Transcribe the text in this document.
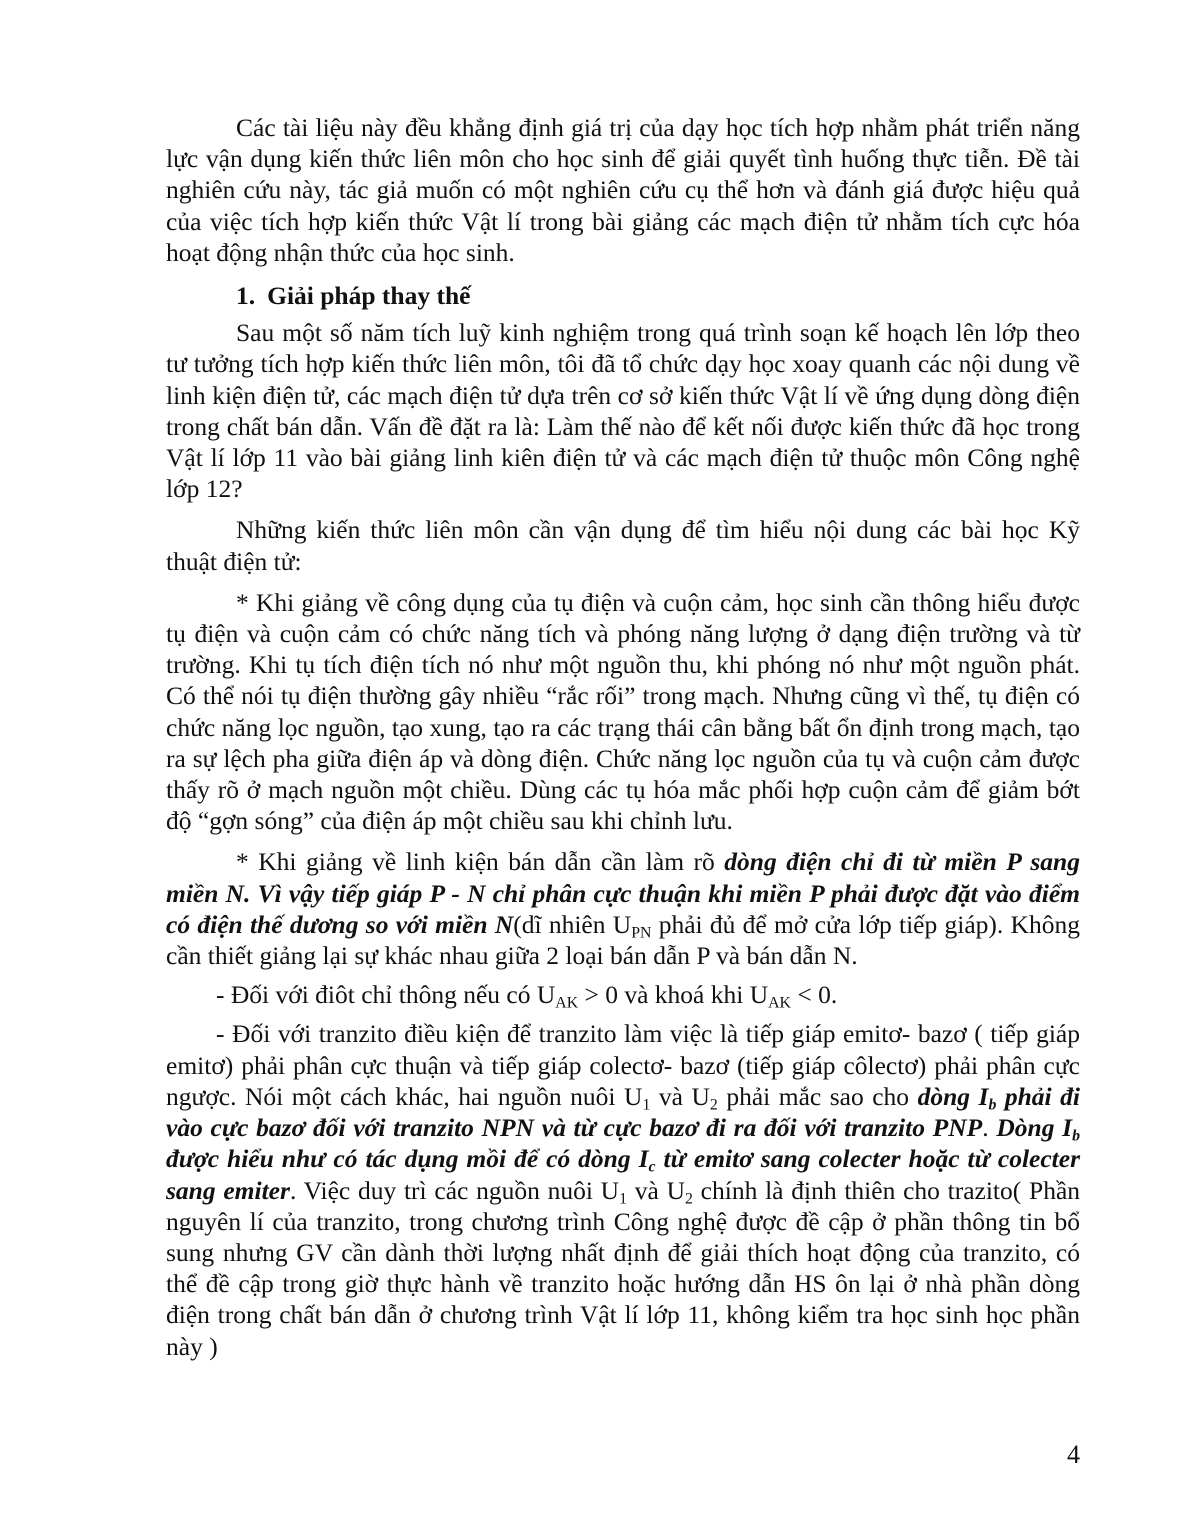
Các tài liệu này đều khẳng định giá trị của dạy học tích hợp nhằm phát triển năng lực vận dụng kiến thức liên môn cho học sinh để giải quyết tình huống thực tiễn. Đề tài nghiên cứu này, tác giả muốn có một nghiên cứu cụ thể hơn và đánh giá được hiệu quả của việc tích hợp kiến thức Vật lí trong bài giảng các mạch điện tử nhằm tích cực hóa hoạt động nhận thức của học sinh.

1. Giải pháp thay thế

Sau một số năm tích luỹ kinh nghiệm trong quá trình soạn kế hoạch lên lớp theo tư tưởng tích hợp kiến thức liên môn, tôi đã tổ chức dạy học xoay quanh các nội dung về linh kiện điện tử, các mạch điện tử dựa trên cơ sở kiến thức Vật lí về ứng dụng dòng điện trong chất bán dẫn. Vấn đề đặt ra là: Làm thế nào để kết nối được kiến thức đã học trong Vật lí lớp 11 vào bài giảng linh kiên điện tử và các mạch điện tử thuộc môn Công nghệ lớp 12?

Những kiến thức liên môn cần vận dụng để tìm hiểu nội dung các bài học Kỹ thuật điện tử:

* Khi giảng về công dụng của tụ điện và cuộn cảm, học sinh cần thông hiểu được tụ điện và cuộn cảm có chức năng tích và phóng năng lượng ở dạng điện trường và từ trường. Khi tụ tích điện tích nó như một nguồn thu, khi phóng nó như một nguồn phát. Có thể nói tụ điện thường gây nhiều “rắc rối” trong mạch. Nhưng cũng vì thế, tụ điện có chức năng lọc nguồn, tạo xung, tạo ra các trạng thái cân bằng bất ổn định trong mạch, tạo ra sự lệch pha giữa điện áp và dòng điện. Chức năng lọc nguồn của tụ và cuộn cảm được thấy rõ ở mạch nguồn một chiều. Dùng các tụ hóa mắc phối hợp cuộn cảm để giảm bớt độ “gợn sóng” của điện áp một chiều sau khi chỉnh lưu.

* Khi giảng về linh kiện bán dẫn cần làm rõ dòng điện chỉ đi từ miền P sang miền N. Vì vậy tiếp giáp P - N chỉ phân cực thuận khi miền P phải được đặt vào điểm có điện thế dương so với miền N(dĩ nhiên $U_{PN}$ phải đủ để mở cửa lớp tiếp giáp). Không cần thiết giảng lại sự khác nhau giữa 2 loại bán dẫn P và bán dẫn N.

- Đối với điôt chỉ thông nếu có $U_{AK} > 0$ và khoá khi $U_{AK} < 0$.

- Đối với tranzito điều kiện để tranzito làm việc là tiếp giáp emitơ- bazơ ( tiếp giáp emitơ) phải phân cực thuận và tiếp giáp colectơ- bazơ (tiếp giáp côlectơ) phải phân cực ngược. Nói một cách khác, hai nguồn nuôi $U_1$ và $U_2$ phải mắc sao cho dòng $I_b$ phải đi vào cực bazơ đối với tranzito NPN và từ cực bazơ đi ra đối với tranzito PNP. Dòng $I_b$ được hiểu như có tác dụng mồi để có dòng $I_c$ từ emitơ sang colecter hoặc từ colecter sang emiter. Việc duy trì các nguồn nuôi $U_1$ và $U_2$ chính là định thiên cho trazito( Phần nguyên lí của tranzito, trong chương trình Công nghệ được đề cập ở phần thông tin bổ sung nhưng GV cần dành thời lượng nhất định để giải thích hoạt động của tranzito, có thể đề cập trong giờ thực hành về tranzito hoặc hướng dẫn HS ôn lại ở nhà phần dòng điện trong chất bán dẫn ở chương trình Vật lí lớp 11, không kiểm tra học sinh học phần này )

4
